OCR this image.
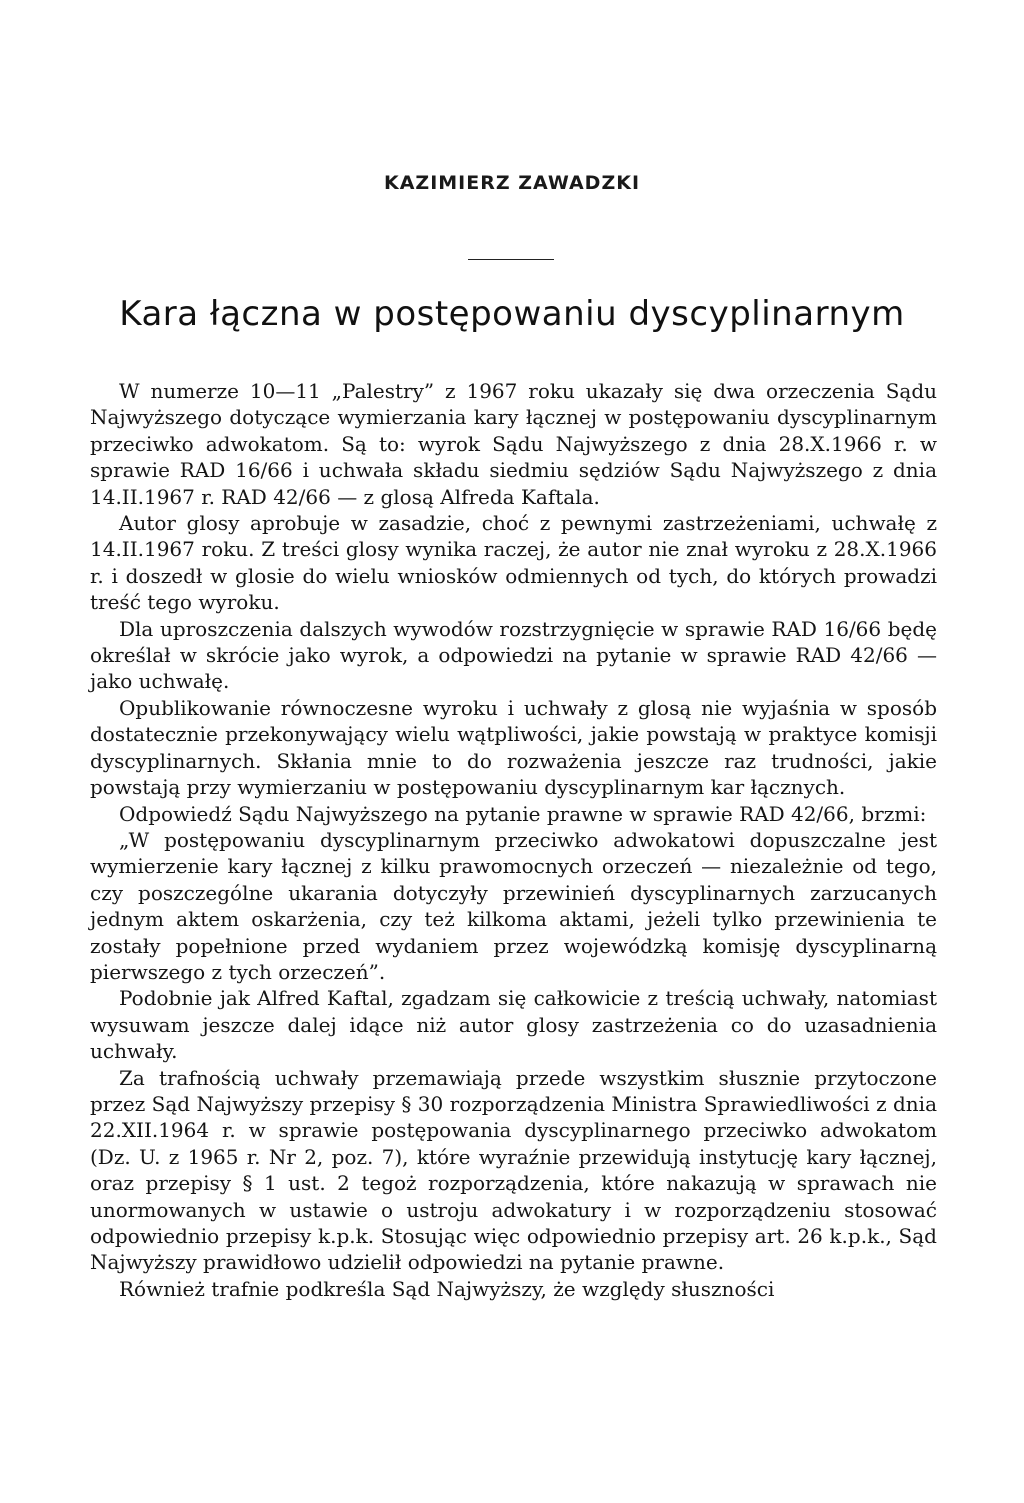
KAZIMIERZ ZAWADZKI
Kara łączna w postępowaniu dyscyplinarnym

W numerze 10—11 „Palestry” z 1967 roku ukazały się dwa orzeczenia Sądu Najwyższego dotyczące wymierzania kary łącznej w postępowaniu dyscyplinarnym przeciwko adwokatom. Są to: wyrok Sądu Najwyższego z dnia 28.X.1966 r. w sprawie RAD 16/66 i uchwała składu siedmiu sędziów Sądu Najwyższego z dnia 14.II.1967 r. RAD 42/66 — z glosą Alfreda Kaftala.

Autor glosy aprobuje w zasadzie, choć z pewnymi zastrzeżeniami, uchwałę z 14.II.1967 roku. Z treści glosy wynika raczej, że autor nie znał wyroku z 28.X.1966 r. i doszedł w glosie do wielu wniosków odmiennych od tych, do których prowadzi treść tego wyroku.

Dla uproszczenia dalszych wywodów rozstrzygnięcie w sprawie RAD 16/66 będę określał w skrócie jako wyrok, a odpowiedzi na pytanie w sprawie RAD 42/66 — jako uchwałę.

Opublikowanie równoczesne wyroku i uchwały z glosą nie wyjaśnia w sposób dostatecznie przekonywający wielu wątpliwości, jakie powstają w praktyce komisji dyscyplinarnych. Skłania mnie to do rozważenia jeszcze raz trudności, jakie powstają przy wymierzaniu w postępowaniu dyscyplinarnym kar łącznych.

Odpowiedź Sądu Najwyższego na pytanie prawne w sprawie RAD 42/66, brzmi:

„W postępowaniu dyscyplinarnym przeciwko adwokatowi dopuszczalne jest wymierzenie kary łącznej z kilku prawomocnych orzeczeń — niezależnie od tego, czy poszczególne ukarania dotyczyły przewinień dyscyplinarnych zarzucanych jednym aktem oskarżenia, czy też kilkoma aktami, jeżeli tylko przewinienia te zostały popełnione przed wydaniem przez wojewódzką komisję dyscyplinarną pierwszego z tych orzeczeń”.

Podobnie jak Alfred Kaftal, zgadzam się całkowicie z treścią uchwały, natomiast wysuwam jeszcze dalej idące niż autor glosy zastrzeżenia co do uzasadnienia uchwały.

Za trafnością uchwały przemawiają przede wszystkim słusznie przytoczone przez Sąd Najwyższy przepisy § 30 rozporządzenia Ministra Sprawiedliwości z dnia 22.XII.1964 r. w sprawie postępowania dyscyplinarnego przeciwko adwokatom (Dz. U. z 1965 r. Nr 2, poz. 7), które wyraźnie przewidują instytucję kary łącznej, oraz przepisy § 1 ust. 2 tegoż rozporządzenia, które nakazują w sprawach nie unormowanych w ustawie o ustroju adwokatury i w rozporządzeniu stosować odpowiednio przepisy k.p.k. Stosując więc odpowiednio przepisy art. 26 k.p.k., Sąd Najwyższy prawidłowo udzielił odpowiedzi na pytanie prawne.

Również trafnie podkreśla Sąd Najwyższy, że względy słuszności
